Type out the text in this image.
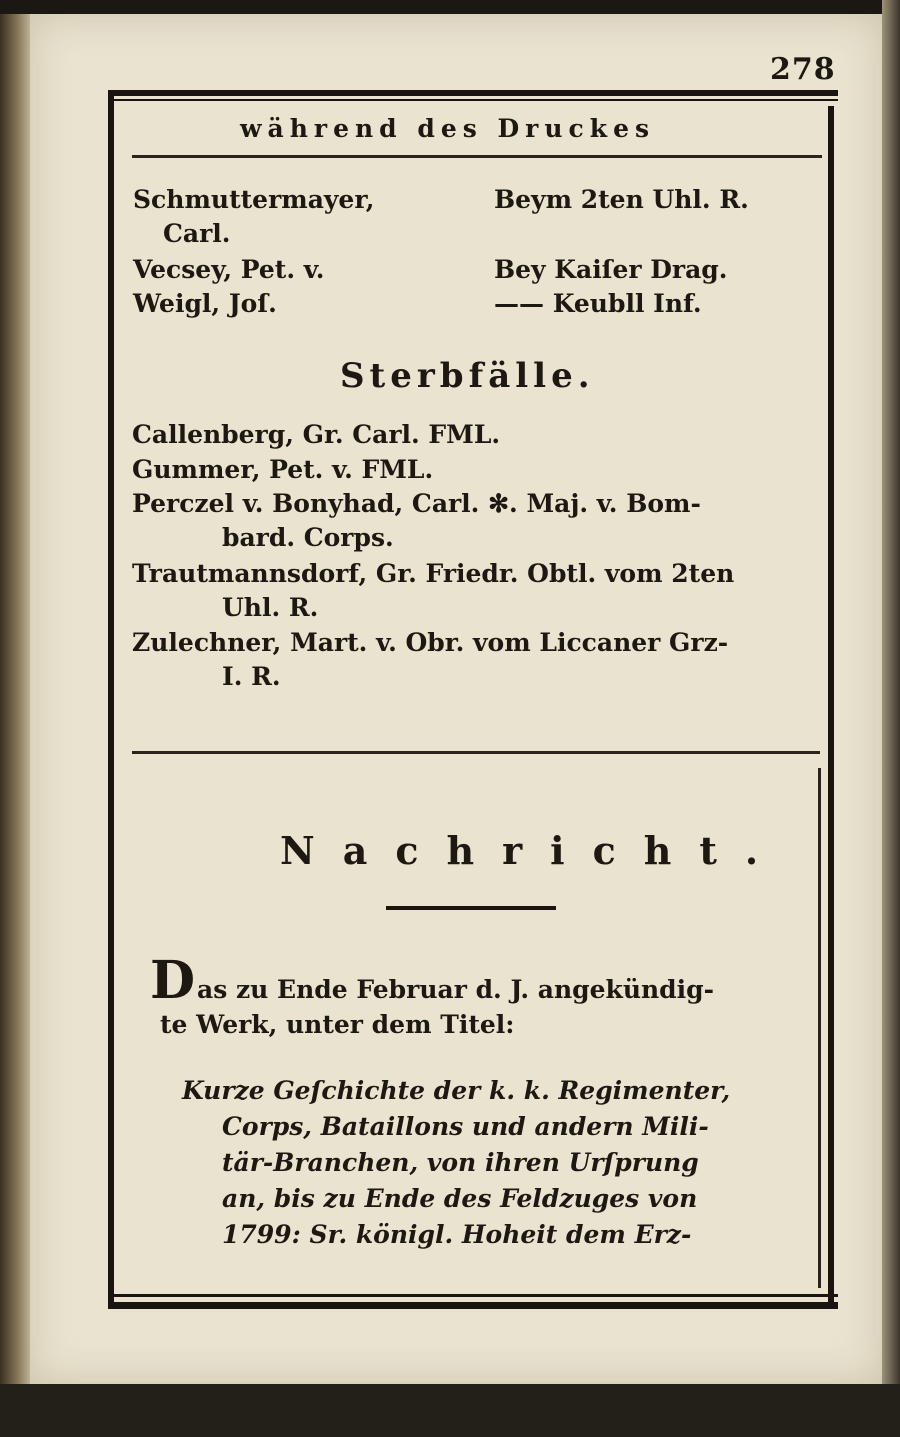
278
während des Druckes
Schmuttermayer,
Carl.
Beym 2ten Uhl. R.
Vecsey, Pet. v.	Bey Kaiſer Drag.
Weigl, Joſ.	—— Keubll Inf.
Sterbfälle.
Callenberg, Gr. Carl. FML.
Gummer, Pet. v. FML.
Perczel v. Bonyhad, Carl. ✻. Maj. v. Bom-
bard. Corps.
Trautmannsdorf, Gr. Friedr. Obtl. vom 2ten
Uhl. R.
Zulechner, Mart. v. Obr. vom Liccaner Grz-
I. R.
Nachricht.
D as zu Ende Februar d. J. angekündig-
te Werk, unter dem Titel:
Kurze Geſchichte der k. k. Regimenter,
Corps, Bataillons und andern Mili-
tär-Branchen, von ihren Urſprung
an, bis zu Ende des Feldzuges von
1799: Sr. königl. Hoheit dem Erz-
